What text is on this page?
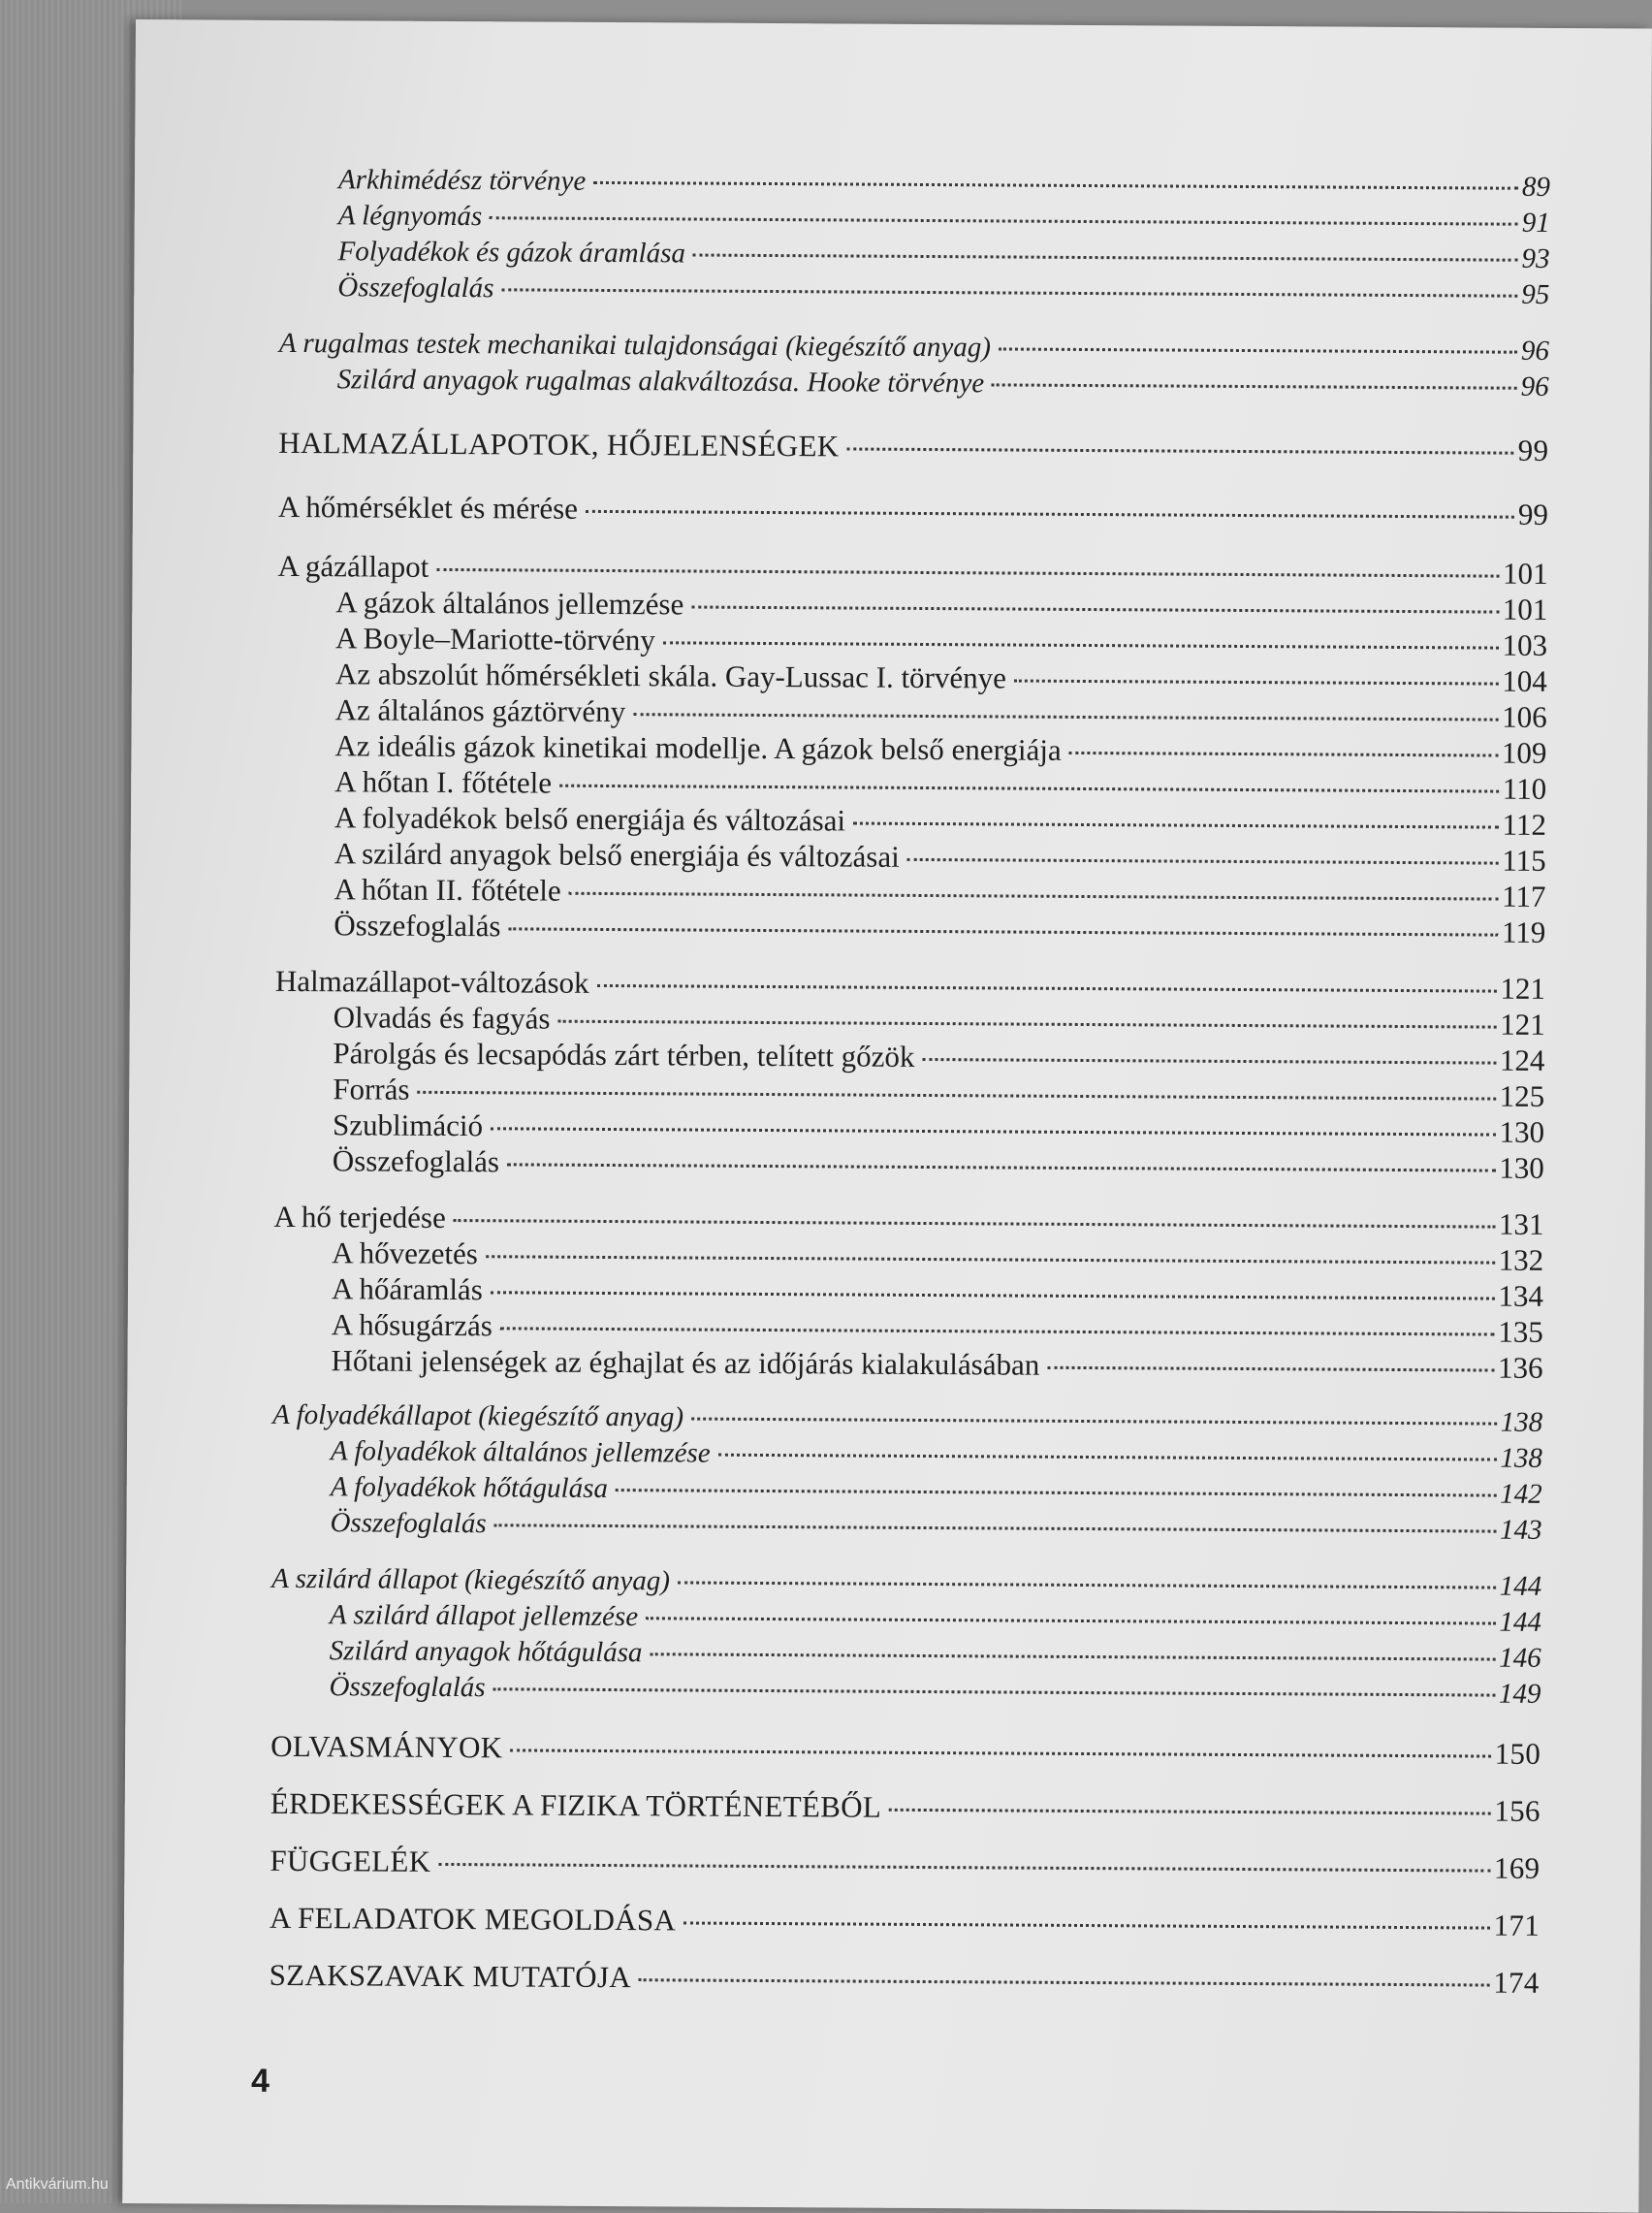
Arkhimédész törvénye	89
A légnyomás	91
Folyadékok és gázok áramlása	93
Összefoglalás	95
A rugalmas testek mechanikai tulajdonságai (kiegészítő anyag)	96
Szilárd anyagok rugalmas alakváltozása. Hooke törvénye	96
HALMAZÁLLAPOTOK, HŐJELENSÉGEK	99
A hőmérséklet és mérése	99
A gázállapot	101
A gázok általános jellemzése	101
A Boyle–Mariotte-törvény	103
Az abszolút hőmérsékleti skála. Gay-Lussac I. törvénye	104
Az általános gáztörvény	106
Az ideális gázok kinetikai modellje. A gázok belső energiája	109
A hőtan I. főtétele	110
A folyadékok belső energiája és változásai	112
A szilárd anyagok belső energiája és változásai	115
A hőtan II. főtétele	117
Összefoglalás	119
Halmazállapot-változások	121
Olvadás és fagyás	121
Párolgás és lecsapódás zárt térben, telített gőzök	124
Forrás	125
Szublimáció	130
Összefoglalás	130
A hő terjedése	131
A hővezetés	132
A hőáramlás	134
A hősugárzás	135
Hőtani jelenségek az éghajlat és az időjárás kialakulásában	136
A folyadékállapot (kiegészítő anyag)	138
A folyadékok általános jellemzése	138
A folyadékok hőtágulása	142
Összefoglalás	143
A szilárd állapot (kiegészítő anyag)	144
A szilárd állapot jellemzése	144
Szilárd anyagok hőtágulása	146
Összefoglalás	149
OLVASMÁNYOK	150
ÉRDEKESSÉGEK A FIZIKA TÖRTÉNETÉBŐL	156
FÜGGELÉK	169
A FELADATOK MEGOLDÁSA	171
SZAKSZAVAK MUTATÓJA	174
4
Antikvárium.hu
